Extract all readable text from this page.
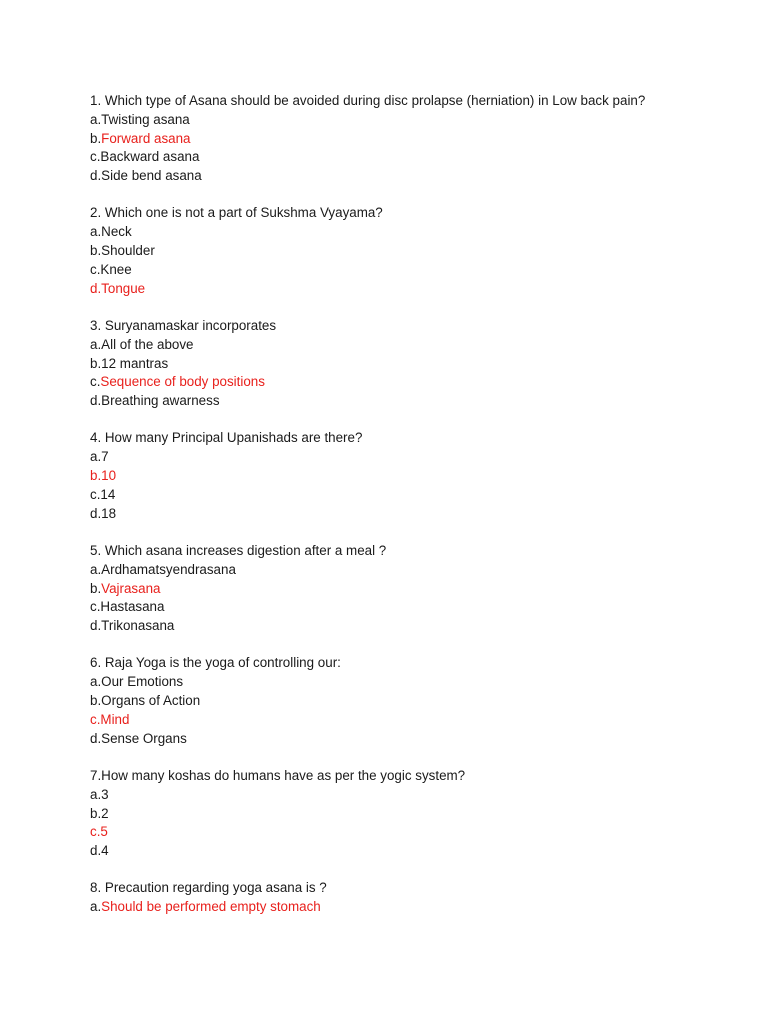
1. Which type of Asana should be avoided during disc prolapse (herniation) in Low back pain?
a.Twisting asana
b.Forward asana
c.Backward asana
d.Side bend asana
2. Which one is not a part of Sukshma Vyayama?
a.Neck
b.Shoulder
c.Knee
d.Tongue
3. Suryanamaskar incorporates
a.All of the above
b.12 mantras
c.Sequence of body positions
d.Breathing awarness
4. How many Principal Upanishads are there?
a.7
b.10
c.14
d.18
5. Which asana increases digestion after a meal ?
a.Ardhamatsyendrasana
b.Vajrasana
c.Hastasana
d.Trikonasana
6. Raja Yoga is the yoga of controlling our:
a.Our Emotions
b.Organs of Action
c.Mind
d.Sense Organs
7.How many koshas do humans have as per the yogic system?
a.3
b.2
c.5
d.4
8. Precaution regarding yoga asana is ?
a.Should be performed empty stomach
